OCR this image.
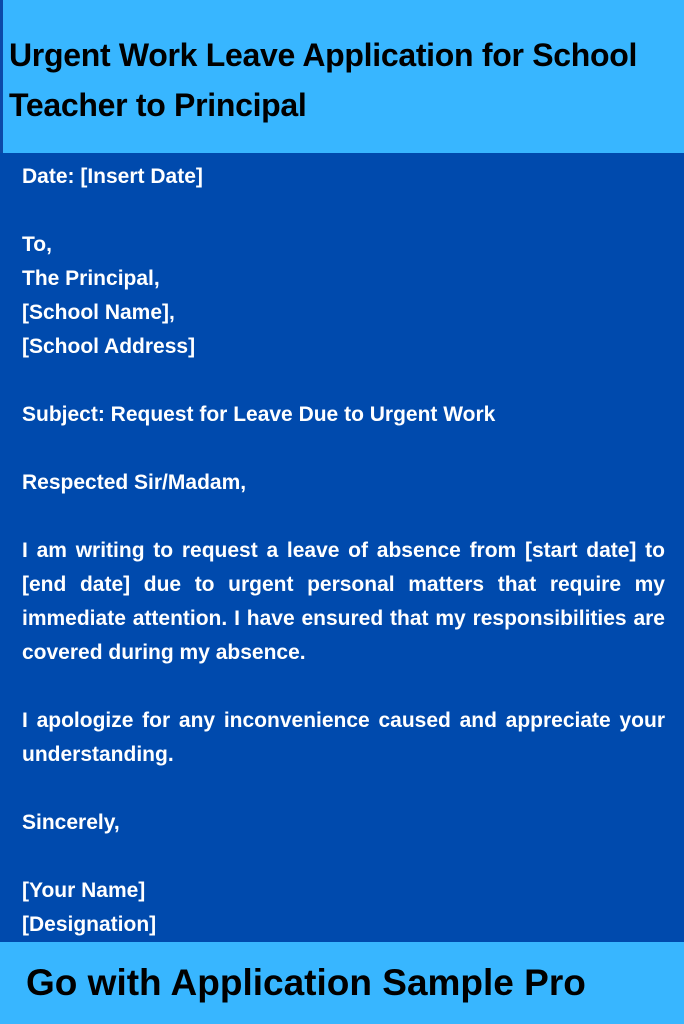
Urgent Work Leave Application for School Teacher to Principal

Date: [Insert Date]

To,

The Principal,

[School Name],

[School Address]

Subject: Request for Leave Due to Urgent Work

Respected Sir/Madam,

I am writing to request a leave of absence from [start date] to [end date] due to urgent personal matters that require my immediate attention. I have ensured that my responsibilities are covered during my absence.

I apologize for any inconvenience caused and appreciate your understanding.

Sincerely,

[Your Name]

[Designation]

Go with Application Sample Pro
